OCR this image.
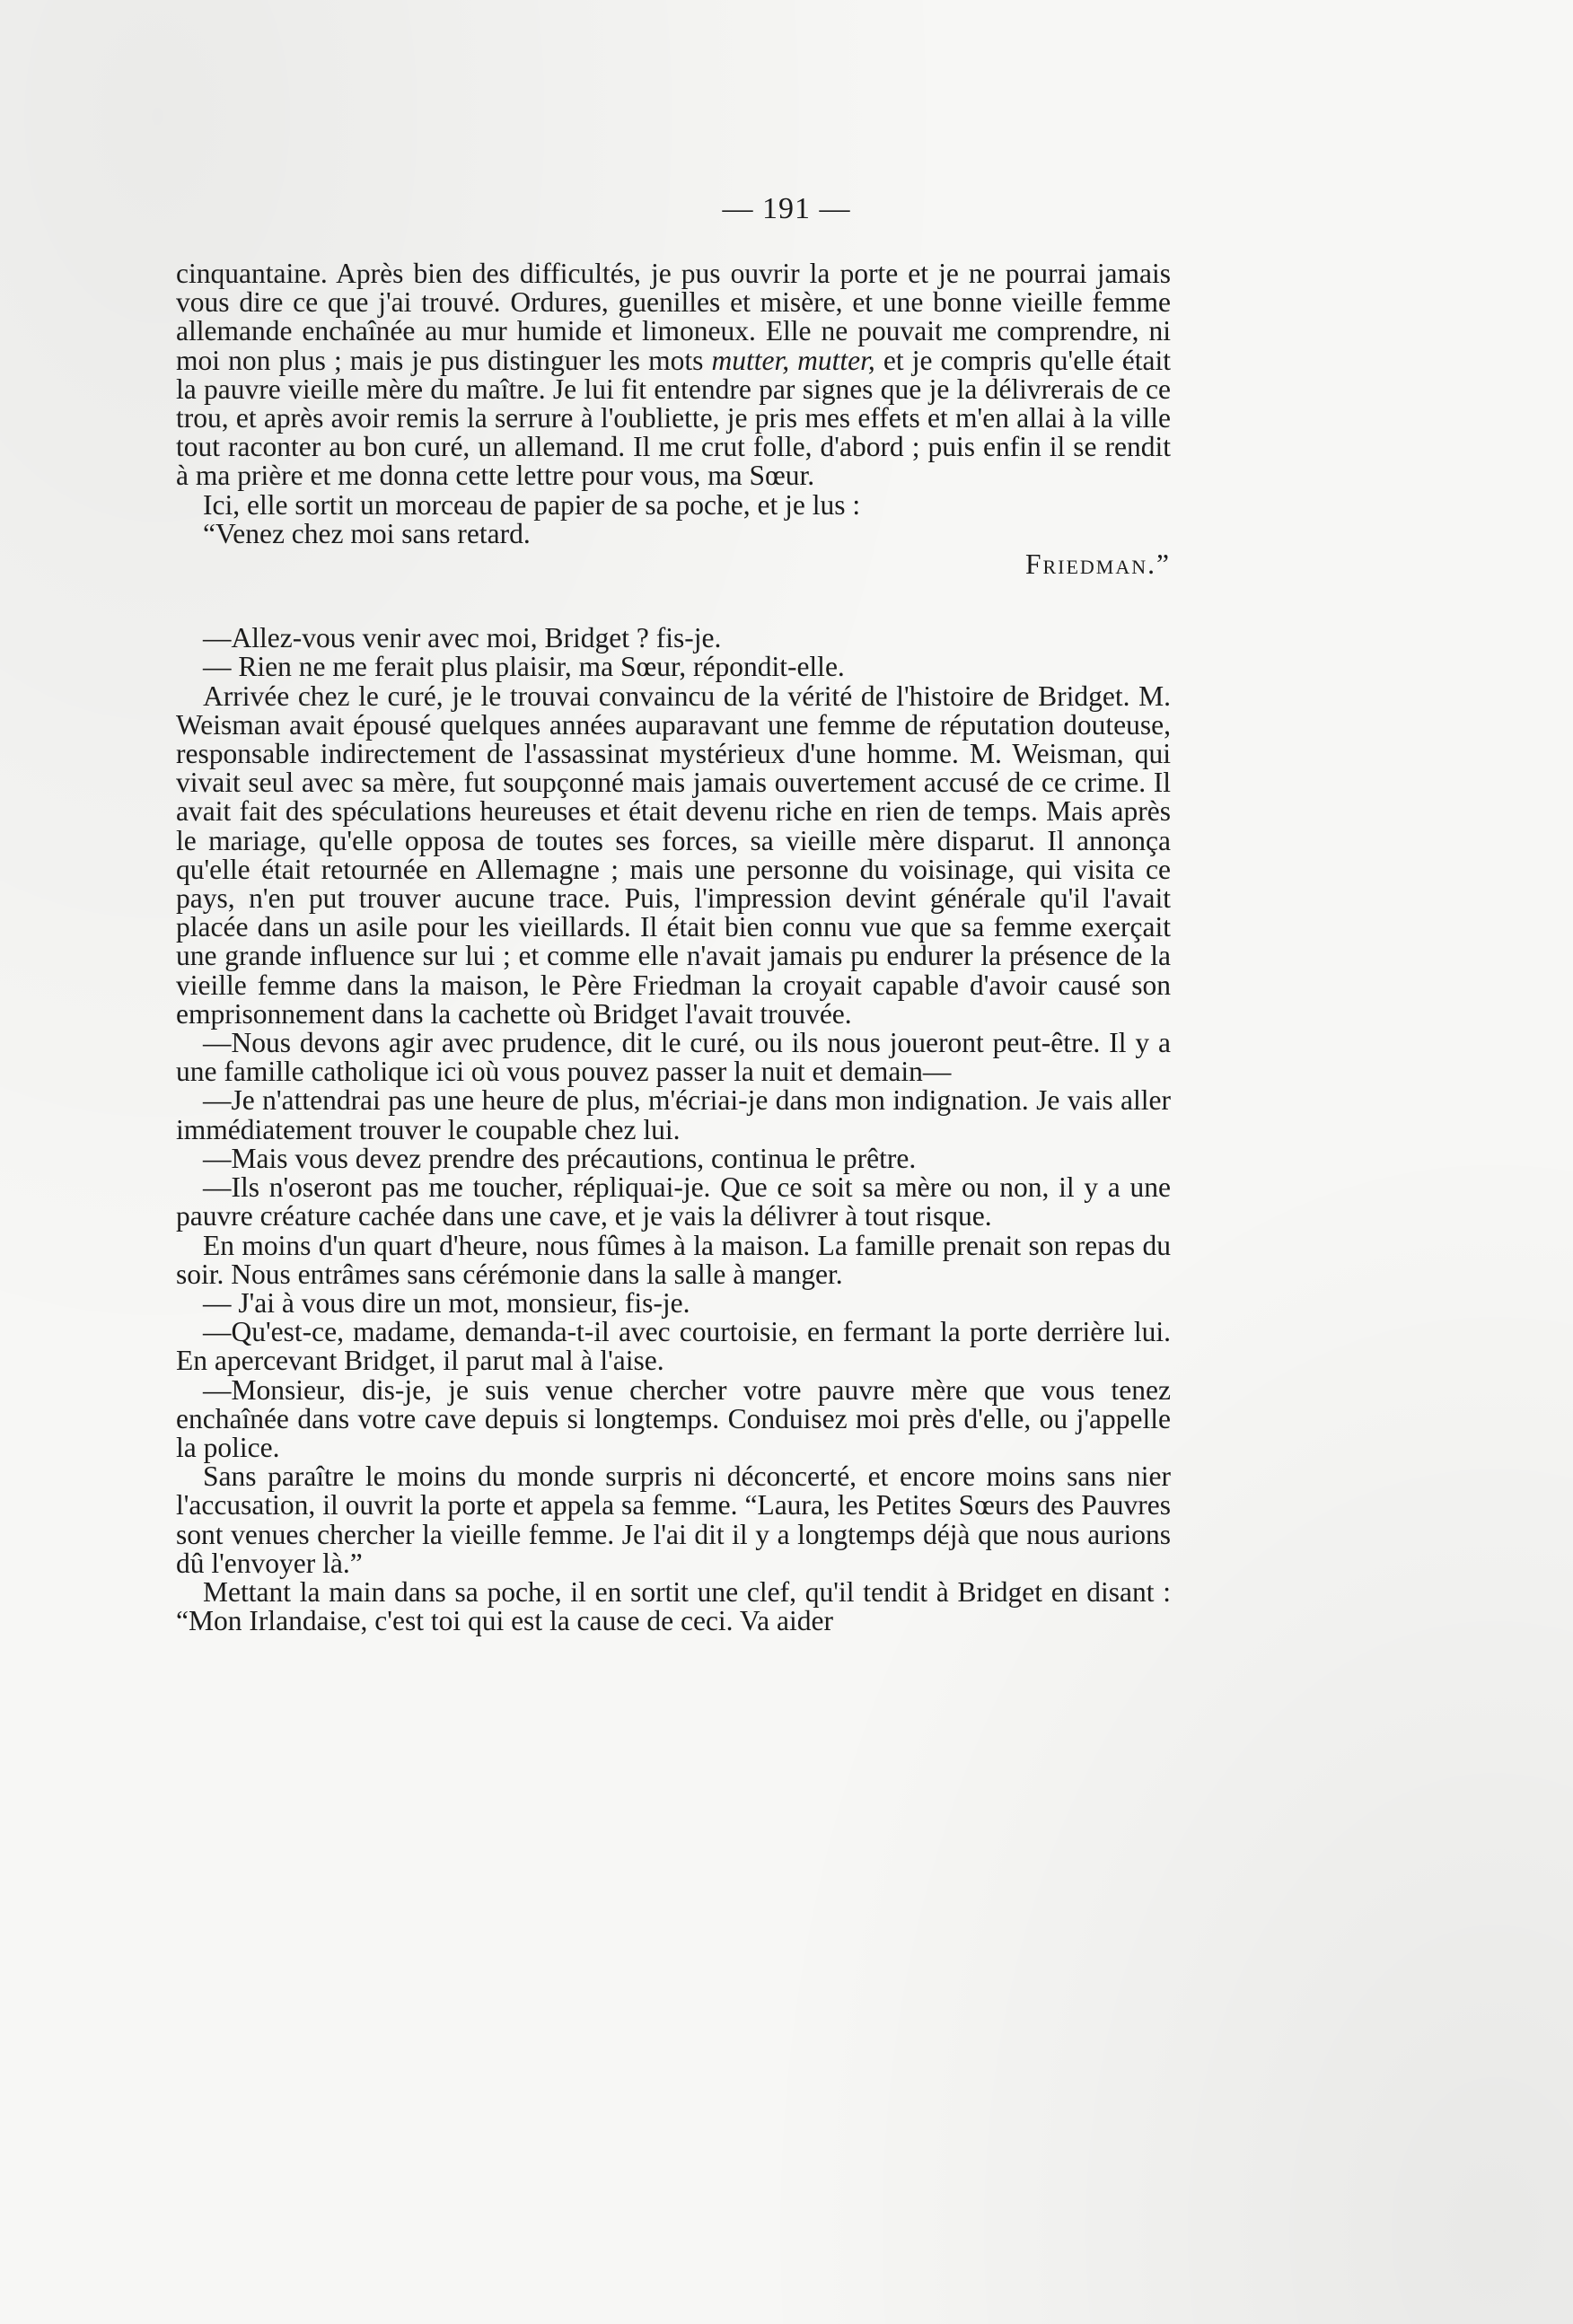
— 191 —

cinquantaine. Après bien des difficultés, je pus ouvrir la porte et je ne pourrai jamais vous dire ce que j'ai trouvé. Ordures, guenilles et misère, et une bonne vieille femme allemande enchaînée au mur humide et limoneux. Elle ne pouvait me comprendre, ni moi non plus ; mais je pus distinguer les mots mutter, mutter, et je compris qu'elle était la pauvre vieille mère du maître. Je lui fit entendre par signes que je la délivrerais de ce trou, et après avoir remis la serrure à l'oubliette, je pris mes effets et m'en allai à la ville tout raconter au bon curé, un allemand. Il me crut folle, d'abord ; puis enfin il se rendit à ma prière et me donna cette lettre pour vous, ma Sœur.

Ici, elle sortit un morceau de papier de sa poche, et je lus :

“Venez chez moi sans retard.

Friedman.”

—Allez-vous venir avec moi, Bridget ? fis-je.

— Rien ne me ferait plus plaisir, ma Sœur, répondit-elle.

Arrivée chez le curé, je le trouvai convaincu de la vérité de l'histoire de Bridget. M. Weisman avait épousé quelques années auparavant une femme de réputation douteuse, responsable indirectement de l'assassinat mystérieux d'une homme. M. Weisman, qui vivait seul avec sa mère, fut soupçonné mais jamais ouvertement accusé de ce crime. Il avait fait des spéculations heureuses et était devenu riche en rien de temps. Mais après le mariage, qu'elle opposa de toutes ses forces, sa vieille mère disparut. Il annonça qu'elle était retournée en Allemagne ; mais une personne du voisinage, qui visita ce pays, n'en put trouver aucune trace. Puis, l'impression devint générale qu'il l'avait placée dans un asile pour les vieillards. Il était bien connu vue que sa femme exerçait une grande influence sur lui ; et comme elle n'avait jamais pu endurer la présence de la vieille femme dans la maison, le Père Friedman la croyait capable d'avoir causé son emprisonnement dans la cachette où Bridget l'avait trouvée.

—Nous devons agir avec prudence, dit le curé, ou ils nous joueront peut-être. Il y a une famille catholique ici où vous pouvez passer la nuit et demain—

—Je n'attendrai pas une heure de plus, m'écriai-je dans mon indignation. Je vais aller immédiatement trouver le coupable chez lui.

—Mais vous devez prendre des précautions, continua le prêtre.

—Ils n'oseront pas me toucher, répliquai-je. Que ce soit sa mère ou non, il y a une pauvre créature cachée dans une cave, et je vais la délivrer à tout risque.

En moins d'un quart d'heure, nous fûmes à la maison. La famille prenait son repas du soir. Nous entrâmes sans cérémonie dans la salle à manger.

— J'ai à vous dire un mot, monsieur, fis-je.

—Qu'est-ce, madame, demanda-t-il avec courtoisie, en fermant la porte derrière lui. En apercevant Bridget, il parut mal à l'aise.

—Monsieur, dis-je, je suis venue chercher votre pauvre mère que vous tenez enchaînée dans votre cave depuis si longtemps. Conduisez moi près d'elle, ou j'appelle la police.

Sans paraître le moins du monde surpris ni déconcerté, et encore moins sans nier l'accusation, il ouvrit la porte et appela sa femme. “Laura, les Petites Sœurs des Pauvres sont venues chercher la vieille femme. Je l'ai dit il y a longtemps déjà que nous aurions dû l'envoyer là.”

Mettant la main dans sa poche, il en sortit une clef, qu'il tendit à Bridget en disant : “Mon Irlandaise, c'est toi qui est la cause de ceci. Va aider
